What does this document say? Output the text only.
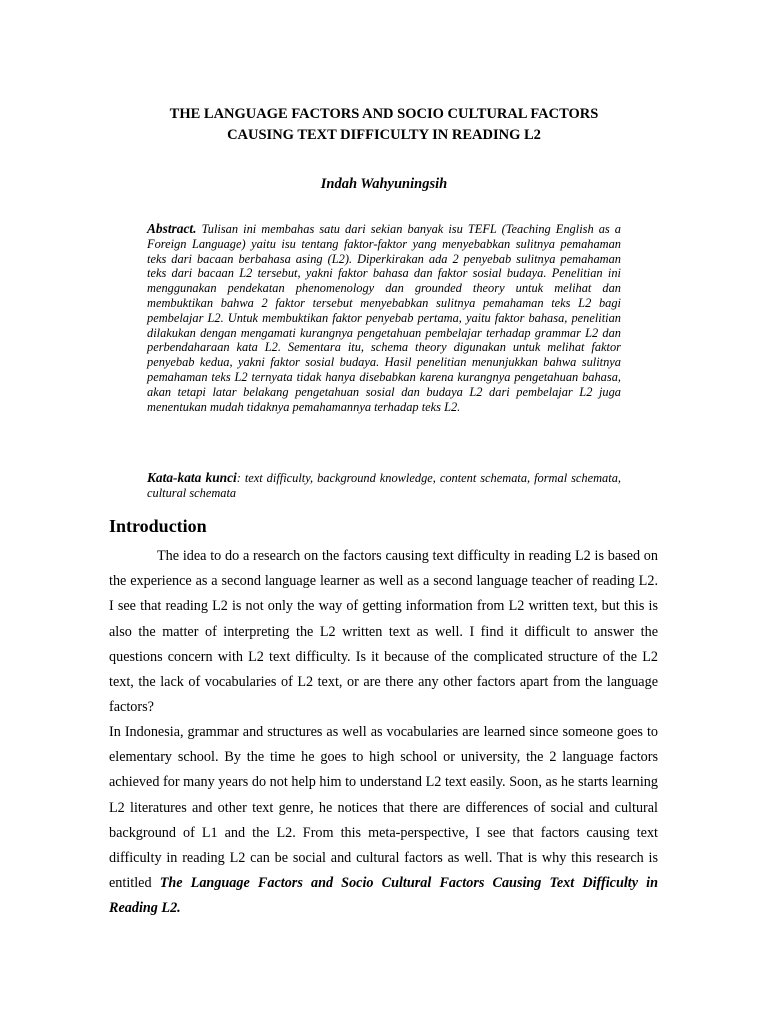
THE LANGUAGE FACTORS AND SOCIO CULTURAL FACTORS
CAUSING TEXT DIFFICULTY IN READING L2

Indah Wahyuningsih

Abstract. Tulisan ini membahas satu dari sekian banyak isu TEFL (Teaching English as a Foreign Language) yaitu isu tentang faktor-faktor yang menyebabkan sulitnya pemahaman teks dari bacaan berbahasa asing (L2). Diperkirakan ada 2 penyebab sulitnya pemahaman teks dari bacaan L2 tersebut, yakni faktor bahasa dan faktor sosial budaya. Penelitian ini menggunakan pendekatan phenomenology dan grounded theory untuk melihat dan membuktikan bahwa 2 faktor tersebut menyebabkan sulitnya pemahaman teks L2 bagi pembelajar L2. Untuk membuktikan faktor penyebab pertama, yaitu faktor bahasa, penelitian dilakukan dengan mengamati kurangnya pengetahuan pembelajar terhadap grammar L2 dan perbendaharaan kata L2. Sementara itu, schema theory digunakan untuk melihat faktor penyebab kedua, yakni faktor sosial budaya. Hasil penelitian menunjukkan bahwa sulitnya pemahaman teks L2 ternyata tidak hanya disebabkan karena kurangnya pengetahuan bahasa, akan tetapi latar belakang pengetahuan sosial dan budaya L2 dari pembelajar L2 juga menentukan mudah tidaknya pemahamannya terhadap teks L2.

Kata-kata kunci: text difficulty, background knowledge, content schemata, formal schemata, cultural schemata

Introduction

The idea to do a research on the factors causing text difficulty in reading L2 is based on the experience as a second language learner as well as a second language teacher of reading L2. I see that reading L2 is not only the way of getting information from L2 written text, but this is also the matter of interpreting the L2 written text as well. I find it difficult to answer the questions concern with L2 text difficulty. Is it because of the complicated structure of the L2 text, the lack of vocabularies of L2 text, or are there any other factors apart from the language factors?

In Indonesia, grammar and structures as well as vocabularies are learned since someone goes to elementary school. By the time he goes to high school or university, the 2 language factors achieved for many years do not help him to understand L2 text easily. Soon, as he starts learning L2 literatures and other text genre, he notices that there are differences of social and cultural background of L1 and the L2. From this meta-perspective, I see that factors causing text difficulty in reading L2 can be social and cultural factors as well. That is why this research is entitled The Language Factors and Socio Cultural Factors Causing Text Difficulty in Reading L2.
